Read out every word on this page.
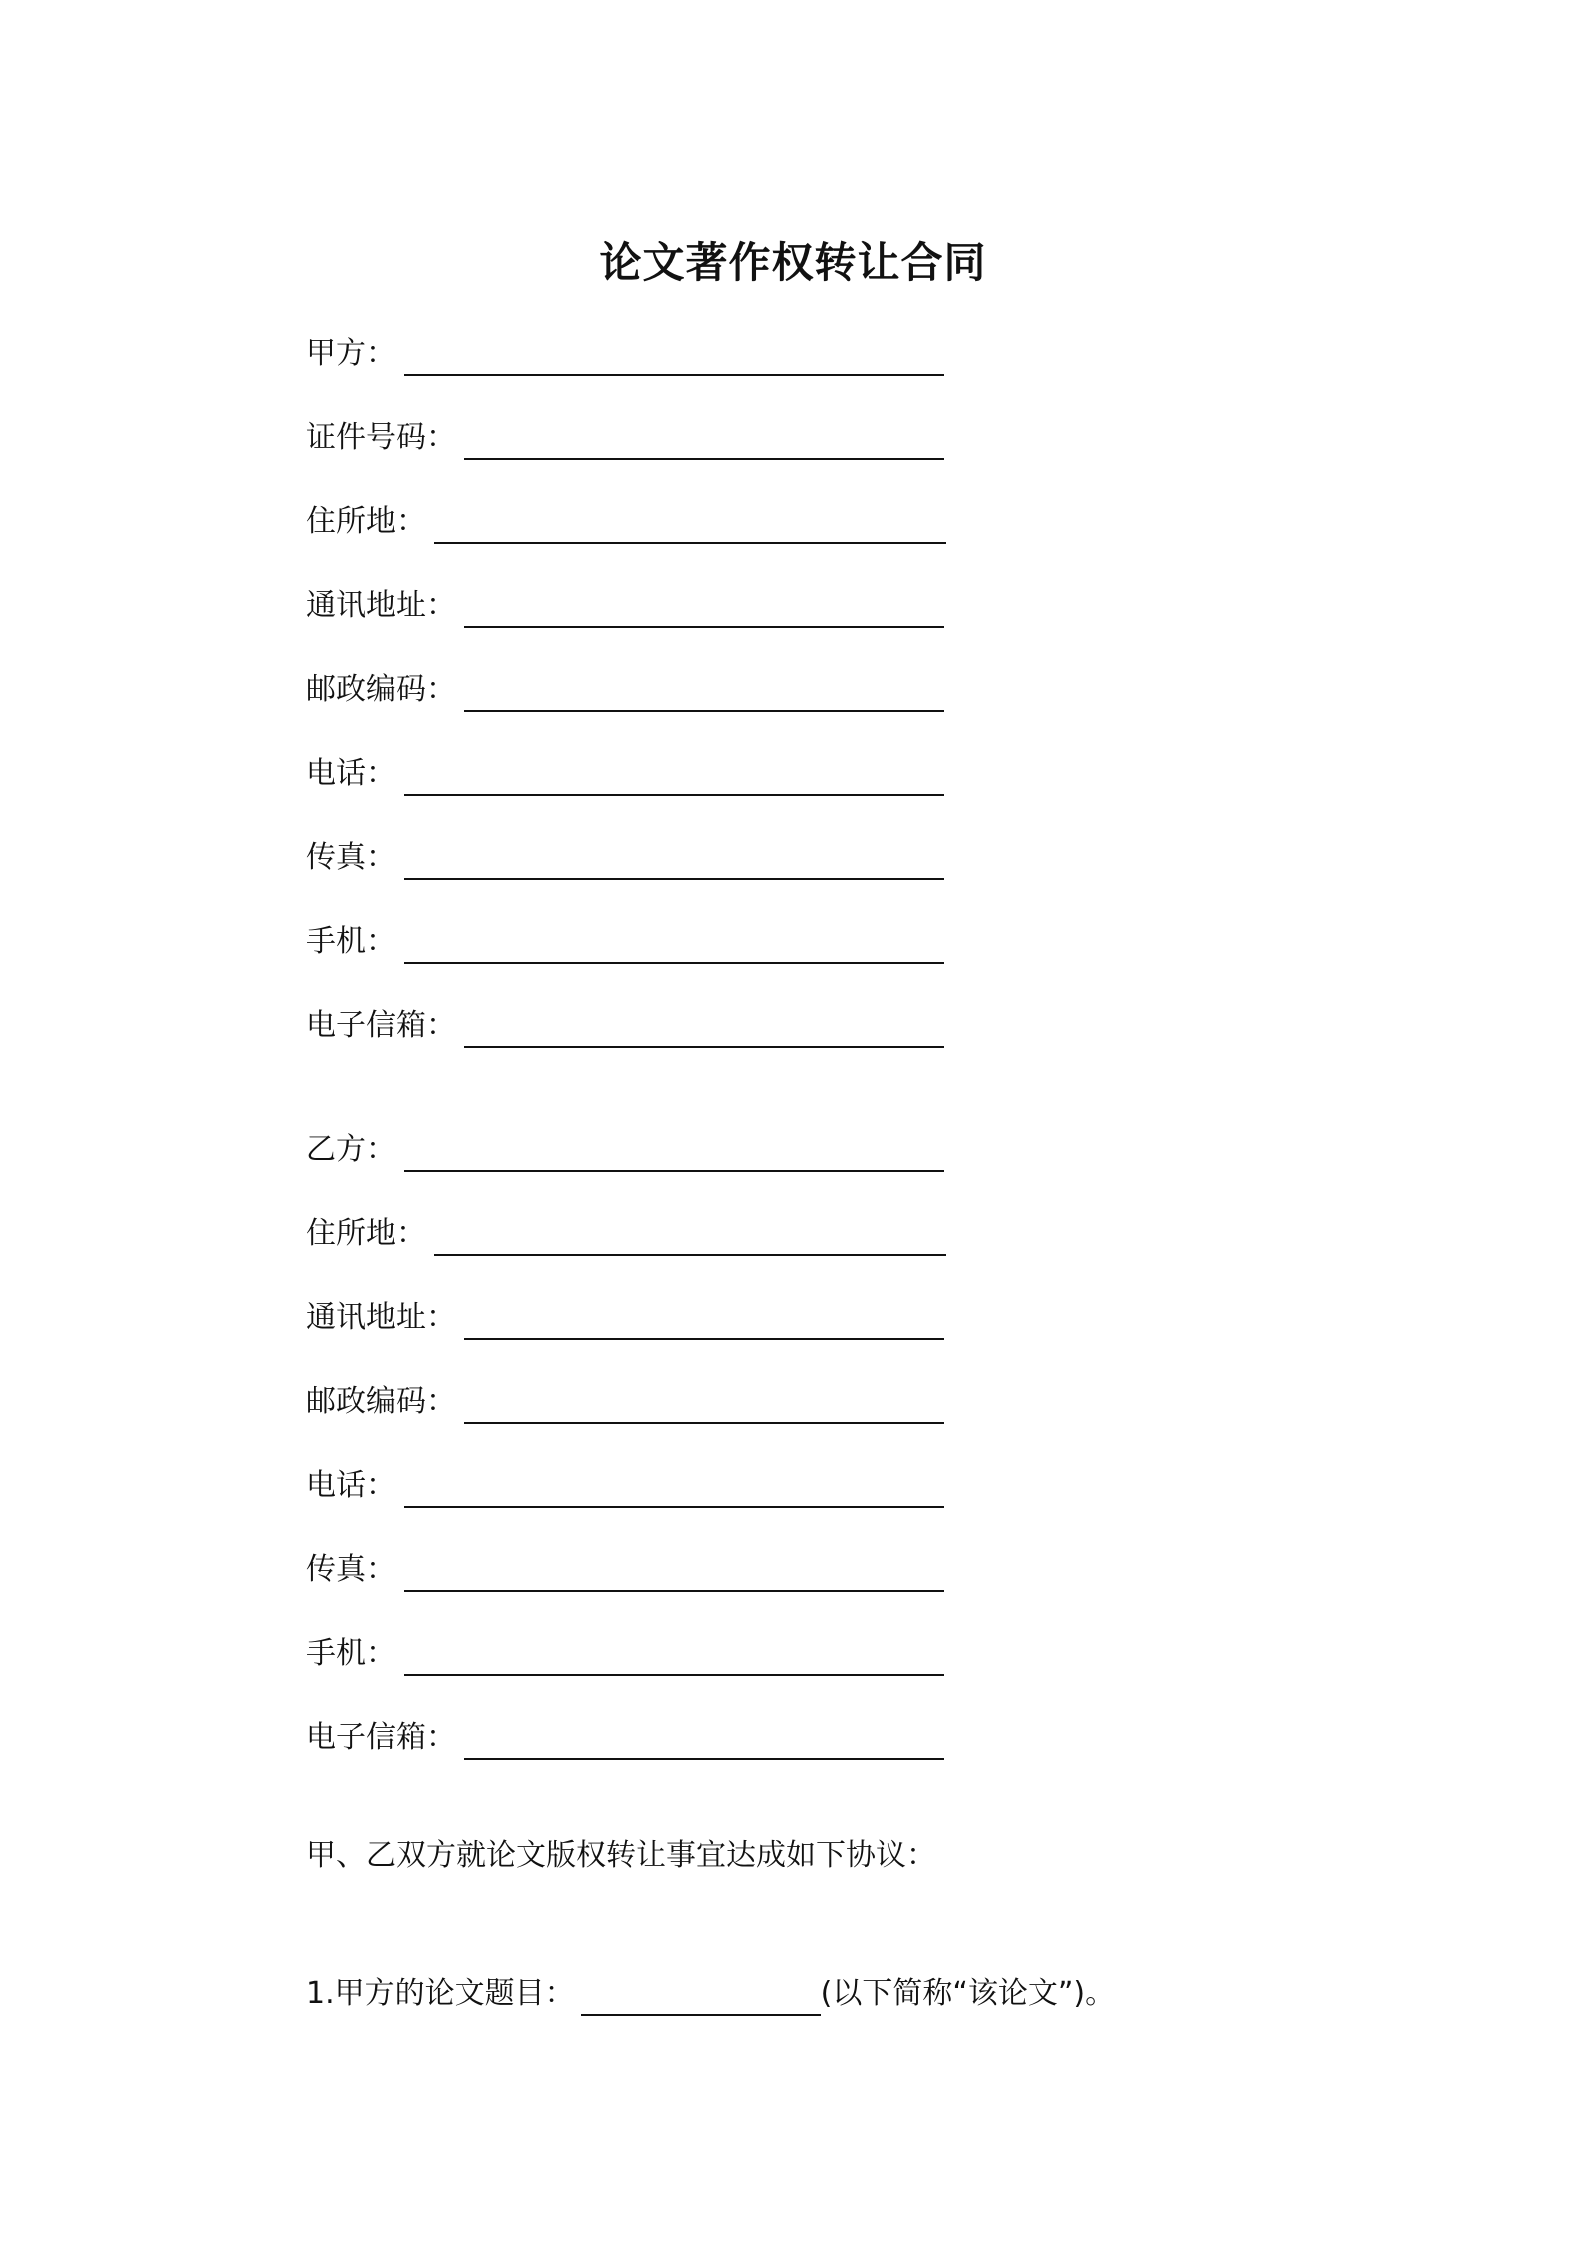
论文著作权转让合同
甲方：
证件号码：
住所地：
通讯地址：
邮政编码：
电话：
传真：
手机：
电子信箱：
乙方：
住所地：
通讯地址：
邮政编码：
电话：
传真：
手机：
电子信箱：
甲、乙双方就论文版权转让事宜达成如下协议：
1.甲方的论文题目：	(以下简称“该论文”)。
